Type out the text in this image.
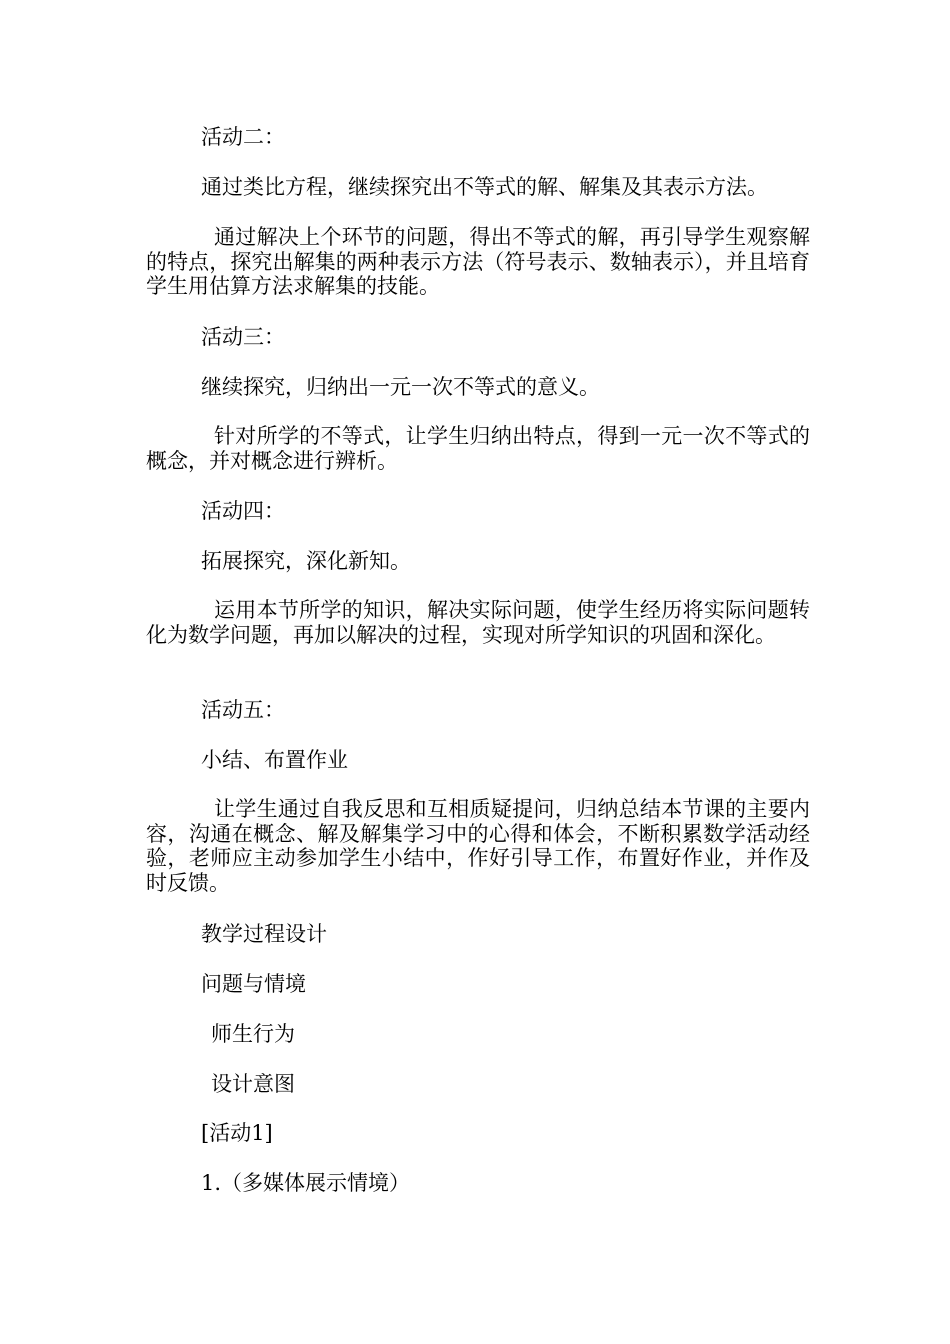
活动二：
通过类比方程，继续探究出不等式的解、解集及其表示方法。
通过解决上个环节的问题，得出不等式的解，再引导学生观察解的特点，探究出解集的两种表示方法（符号表示、数轴表示），并且培育学生用估算方法求解集的技能。
活动三：
继续探究，归纳出一元一次不等式的意义。
针对所学的不等式，让学生归纳出特点，得到一元一次不等式的概念，并对概念进行辨析。
活动四：
拓展探究，深化新知。
运用本节所学的知识，解决实际问题，使学生经历将实际问题转化为数学问题，再加以解决的过程，实现对所学知识的巩固和深化。
活动五：
小结、布置作业
让学生通过自我反思和互相质疑提问，归纳总结本节课的主要内容，沟通在概念、解及解集学习中的心得和体会，不断积累数学活动经验，老师应主动参加学生小结中，作好引导工作，布置好作业，并作及时反馈。
教学过程设计
问题与情境
师生行为
设计意图
[活动1]
1.（多媒体展示情境）
